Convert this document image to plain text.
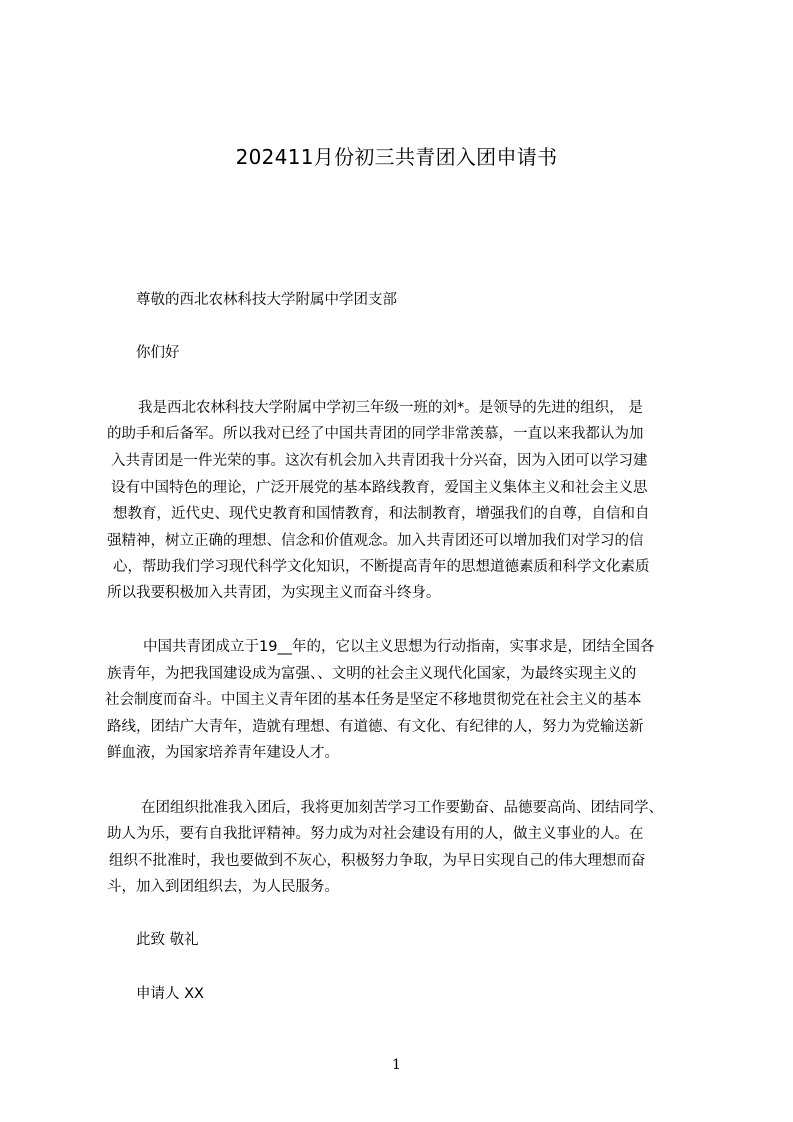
202411月份初三共青团入团申请书
尊敬的西北农林科技大学附属中学团支部
你们好
我是西北农林科技大学附属中学初三年级一班的刘*。是领导的先进的组织， 是
的助手和后备军。所以我对已经了中国共青团的同学非常羡慕，一直以来我都认为加
入共青团是一件光荣的事。这次有机会加入共青团我十分兴奋，因为入团可以学习建
设有中国特色的理论，广泛开展党的基本路线教育，爱国主义集体主义和社会主义思
想教育，近代史、现代史教育和国情教育，和法制教育，增强我们的自尊，自信和自
强精神，树立正确的理想、信念和价值观念。加入共青团还可以增加我们对学习的信
心，帮助我们学习现代科学文化知识，不断提高青年的思想道德素质和科学文化素质
所以我要积极加入共青团，为实现主义而奋斗终身。
中国共青团成立于19__年的，它以主义思想为行动指南，实事求是，团结全国各
族青年，为把我国建设成为富强、、文明的社会主义现代化国家，为最终实现主义的
社会制度而奋斗。中国主义青年团的基本任务是坚定不移地贯彻党在社会主义的基本
路线，团结广大青年，造就有理想、有道德、有文化、有纪律的人，努力为党输送新
鲜血液，为国家培养青年建设人才。
在团组织批准我入团后，我将更加刻苦学习工作要勤奋、品德要高尚、团结同学、
助人为乐，要有自我批评精神。努力成为对社会建设有用的人，做主义事业的人。在
组织不批准时，我也要做到不灰心，积极努力争取，为早日实现自己的伟大理想而奋
斗，加入到团组织去，为人民服务。
此致 敬礼
申请人 XX
1
